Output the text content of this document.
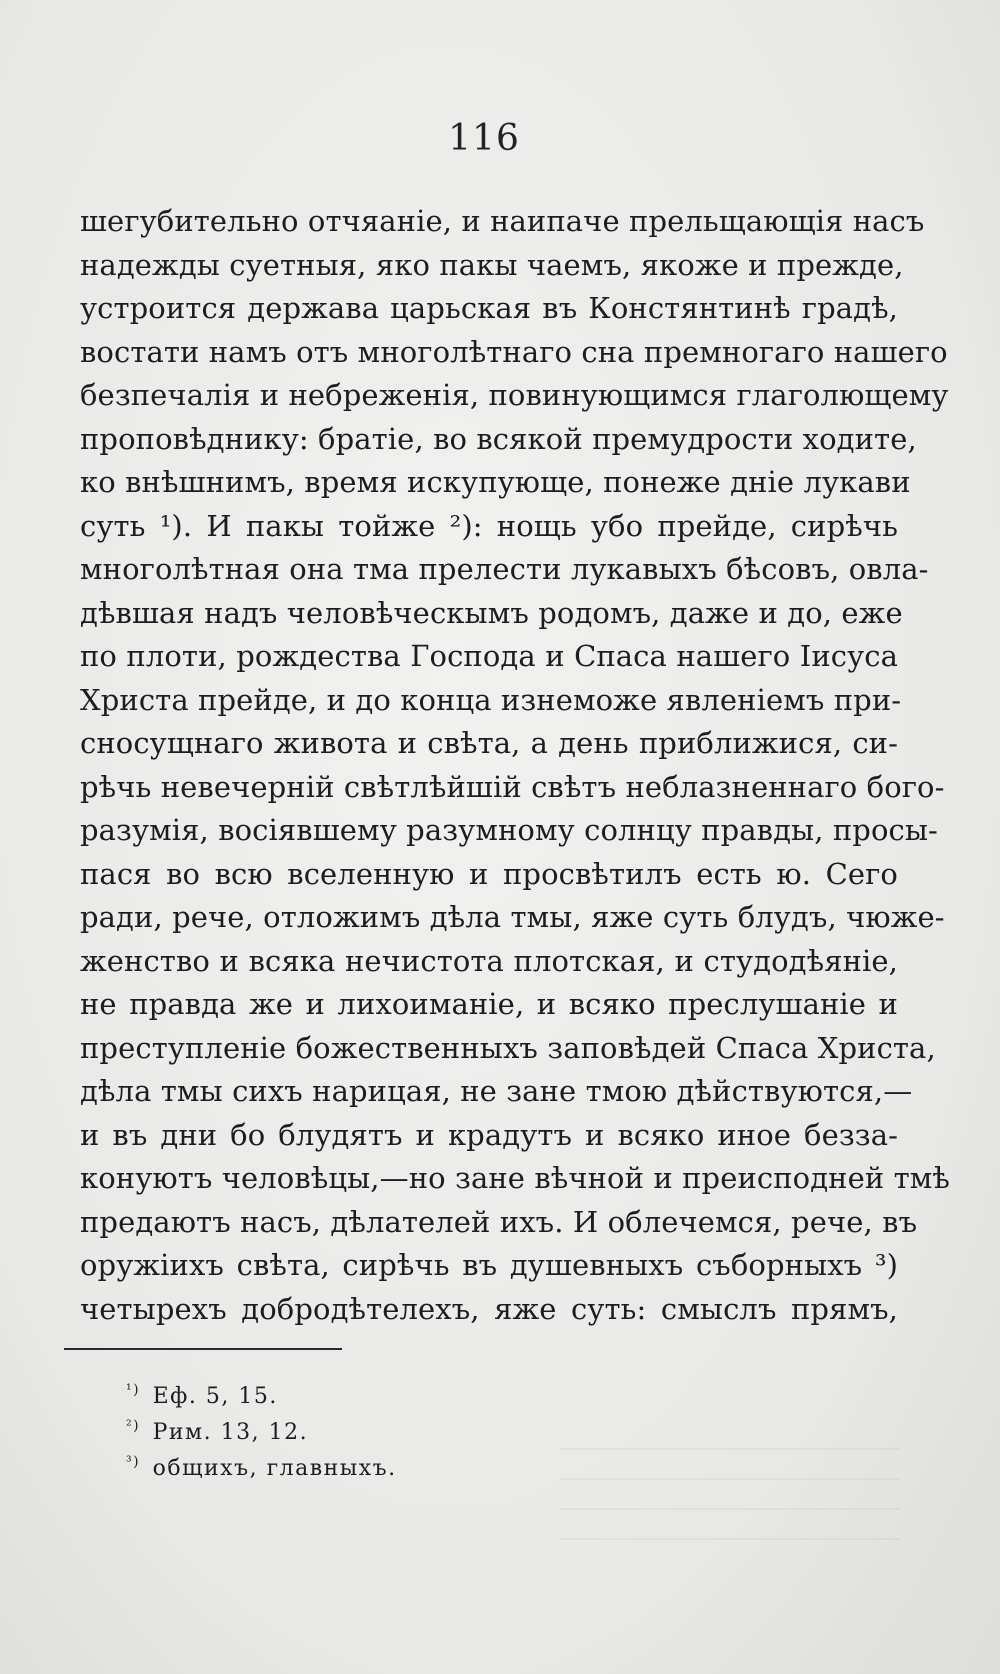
116
шегубительно отчяаніе, и наипаче прельщающія насъ
надежды суетныя, яко пакы чаемъ, якоже и прежде,
устроится держава царьская въ Констянтинѣ градѣ,
востати намъ отъ многолѣтнаго сна премногаго нашего
безпечалія и небреженія, повинующимся глаголющему
проповѣднику: братіе, во всякой премудрости ходите,
ко внѣшнимъ, время искупующе, понеже дніе лукави
суть ¹). И пакы тойже ²): нощь убо прейде, сирѣчь
многолѣтная она тма прелести лукавыхъ бѣсовъ, овла-
дѣвшая надъ человѣческымъ родомъ, даже и до, еже
по плоти, рождества Господа и Спаса нашего Іисуса
Христа прейде, и до конца изнеможе явленіемъ при-
сносущнаго живота и свѣта, а день приближися, си-
рѣчь невечерній свѣтлѣйшій свѣтъ неблазненнаго бого-
разумія, восіявшему разумному солнцу правды, просы-
пася во всю вселенную и просвѣтилъ есть ю. Сего
ради, рече, отложимъ дѣла тмы, яже суть блудъ, чюже-
женство и всяка нечистота плотская, и студодѣяніе,
не правда же и лихоиманіе, и всяко преслушаніе и
преступленіе божественныхъ заповѣдей Спаса Христа,
дѣла тмы сихъ нарицая, не зане тмою дѣйствуются,—
и въ дни бо блудятъ и крадутъ и всяко иное безза-
конуютъ человѣцы,—но зане вѣчной и преисподней тмѣ
предаютъ насъ, дѣлателей ихъ. И облечемся, рече, въ
оружіихъ свѣта, сирѣчь въ душевныхъ съборныхъ ³)
четырехъ добродѣтелехъ, яже суть: смыслъ прямъ,
$^{^1)}$ Еф. 5, 15.
$^{^2)}$ Рим. 13, 12.
$^{^3)}$ общихъ, главныхъ.
